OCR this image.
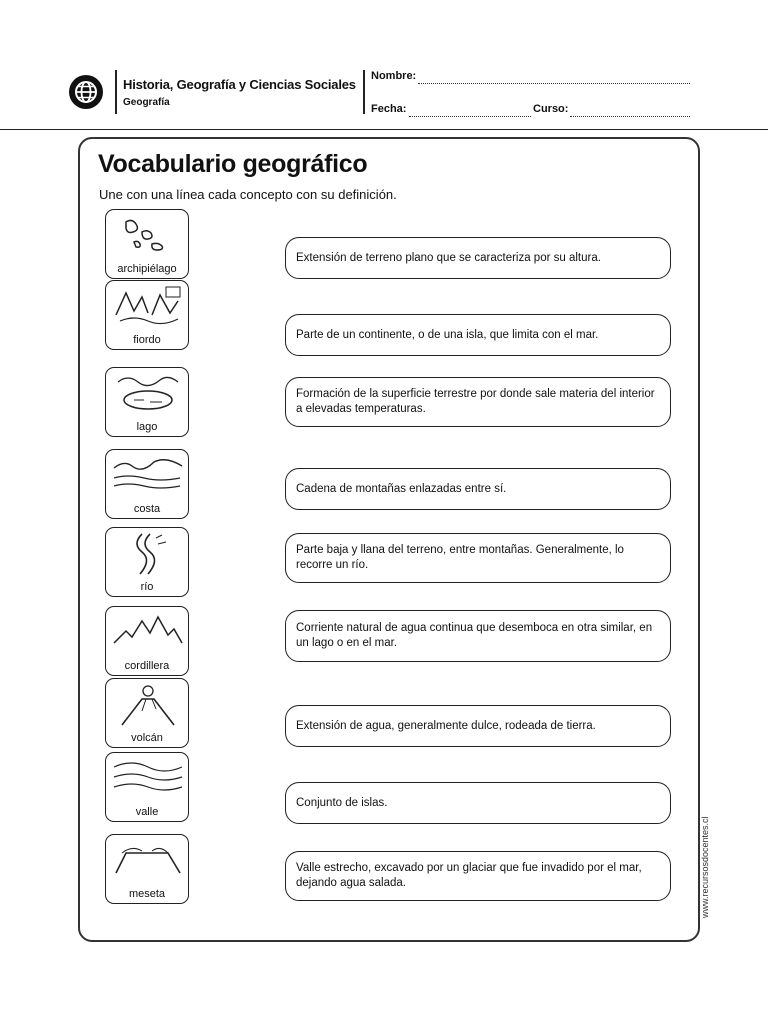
Historia, Geografía y Ciencias Sociales
Geografía
Nombre:
Fecha:	Curso:
Vocabulario geográfico
Une con una línea cada concepto con su definición.
archipiélago
fiordo
lago
costa
río
cordillera
volcán
valle
meseta
Extensión de terreno plano que se caracteriza por su altura.
Parte de un continente, o de una isla, que limita con el mar.
Formación de la superficie terrestre por donde sale materia del interior a elevadas temperaturas.
Cadena de montañas enlazadas entre sí.
Parte baja y llana del terreno, entre montañas. Generalmente, lo recorre un río.
Corriente natural de agua continua que desemboca en otra similar, en un lago o en el mar.
Extensión de agua, generalmente dulce, rodeada de tierra.
Conjunto de islas.
Valle estrecho, excavado por un glaciar que fue invadido por el mar, dejando agua salada.	www.recursosdocentes.cl
